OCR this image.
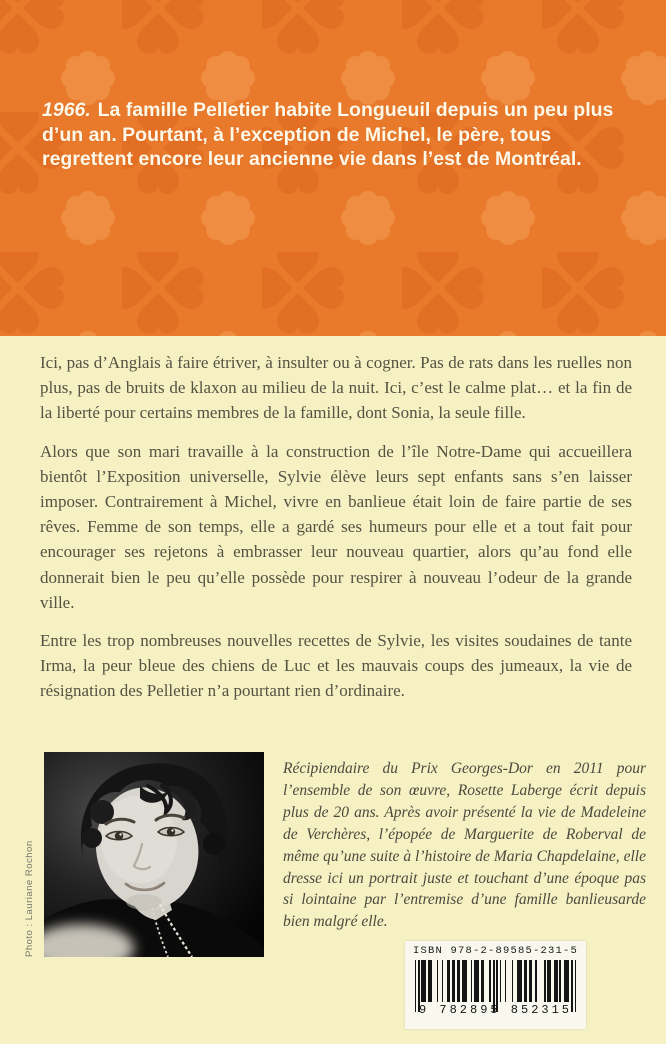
1966. La famille Pelletier habite Longueuil depuis un peu plus d’un an. Pourtant, à l’exception de Michel, le père, tous regrettent encore leur ancienne vie dans l’est de Montréal.

Ici, pas d’Anglais à faire étriver, à insulter ou à cogner. Pas de rats dans les ruelles non plus, pas de bruits de klaxon au milieu de la nuit. Ici, c’est le calme plat… et la fin de la liberté pour certains membres de la famille, dont Sonia, la seule fille.

Alors que son mari travaille à la construction de l’île Notre-Dame qui accueillera bientôt l’Exposition universelle, Sylvie élève leurs sept enfants sans s’en laisser imposer. Contrairement à Michel, vivre en banlieue était loin de faire partie de ses rêves. Femme de son temps, elle a gardé ses humeurs pour elle et a tout fait pour encourager ses rejetons à embrasser leur nouveau quartier, alors qu’au fond elle donnerait bien le peu qu’elle possède pour respirer à nouveau l’odeur de la grande ville.

Entre les trop nombreuses nouvelles recettes de Sylvie, les visites soudaines de tante Irma, la peur bleue des chiens de Luc et les mauvais coups des jumeaux, la vie de résignation des Pelletier n’a pourtant rien d’ordinaire.

Photo : Lauriane Rochon
Récipiendaire du Prix Georges-Dor en 2011 pour l’ensemble de son œuvre, Rosette Laberge écrit depuis plus de 20 ans. Après avoir présenté la vie de Madeleine de Verchères, l’épopée de Marguerite de Roberval de même qu’une suite à l’histoire de Maria Chapdelaine, elle dresse ici un portrait juste et touchant d’une époque pas si lointaine par l’entremise d’une famille banlieusarde bien malgré elle.
ISBN 978-2-89585-231-5
9 782895 852315
